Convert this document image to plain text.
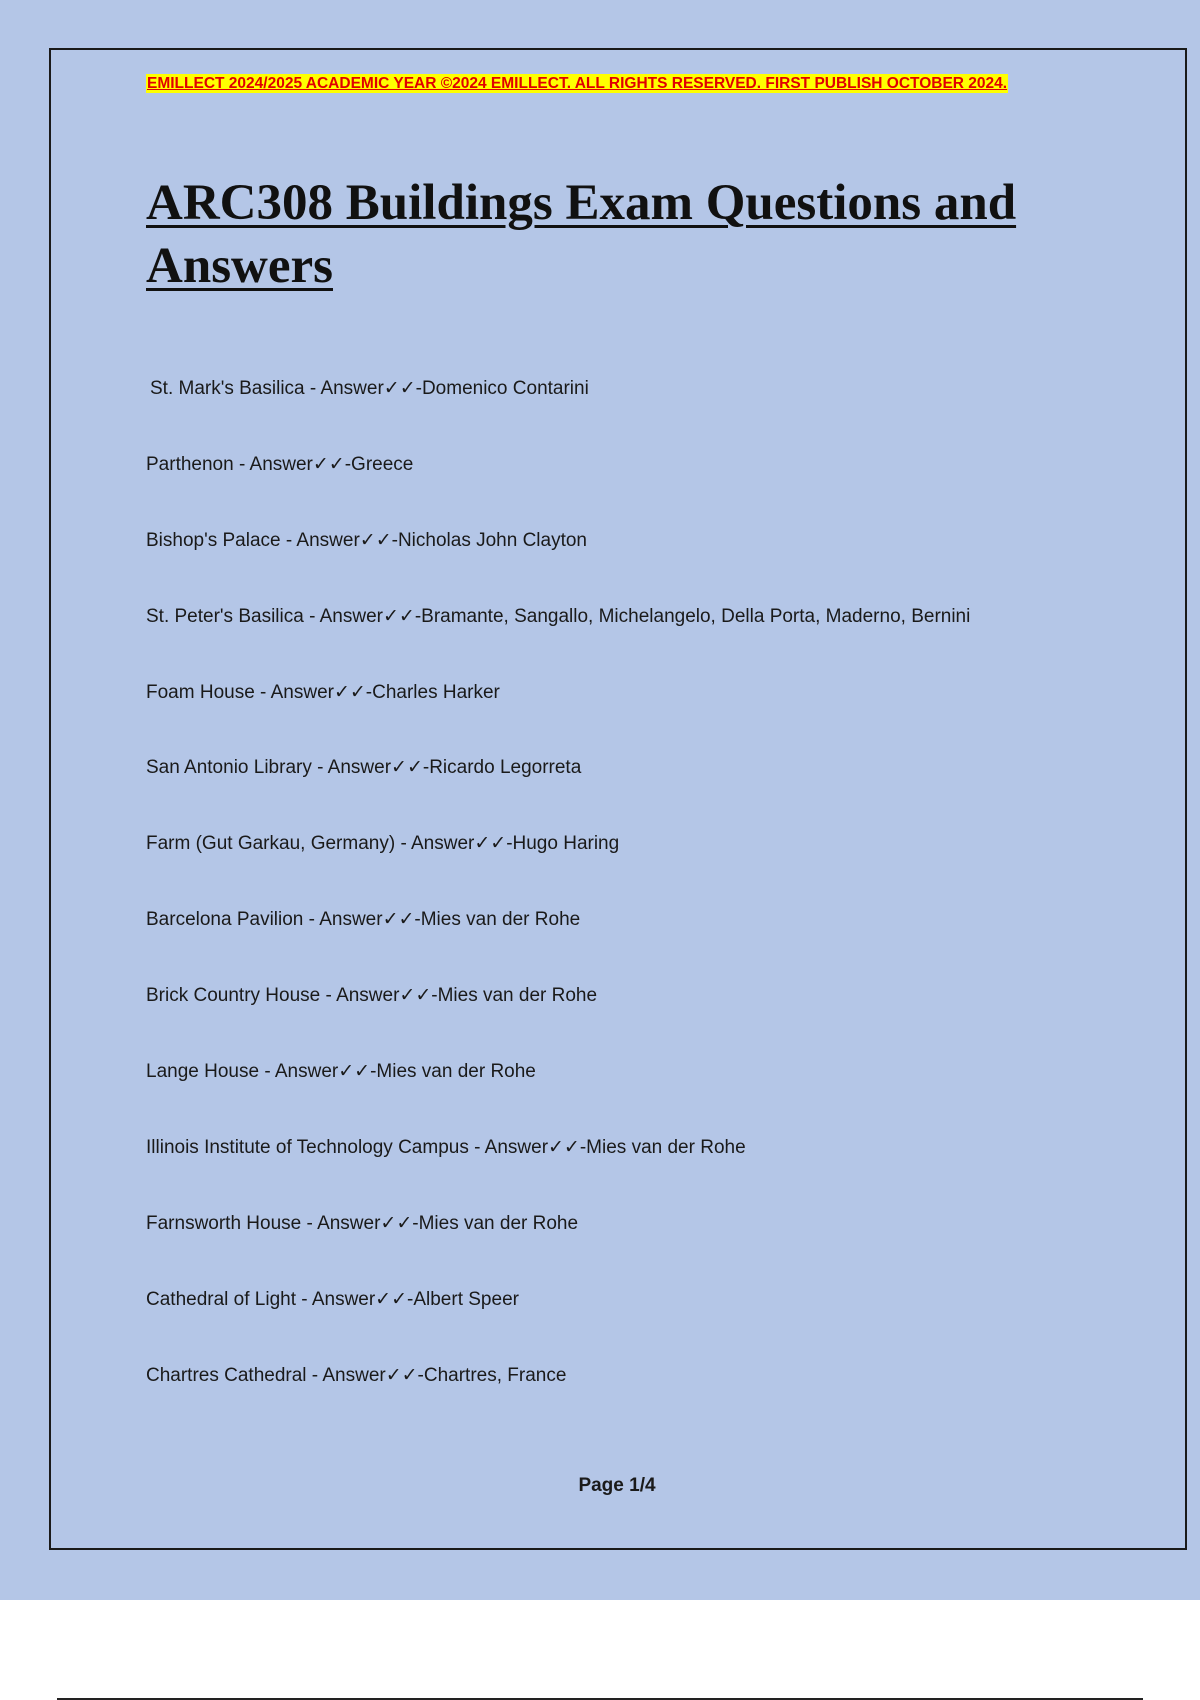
EMILLECT 2024/2025 ACADEMIC YEAR ©2024 EMILLECT. ALL RIGHTS RESERVED. FIRST PUBLISH OCTOBER 2024.
ARC308 Buildings Exam Questions and Answers
St. Mark's Basilica - Answer✓✓-Domenico Contarini
Parthenon - Answer✓✓-Greece
Bishop's Palace - Answer✓✓-Nicholas John Clayton
St. Peter's Basilica - Answer✓✓-Bramante, Sangallo, Michelangelo, Della Porta, Maderno, Bernini
Foam House - Answer✓✓-Charles Harker
San Antonio Library - Answer✓✓-Ricardo Legorreta
Farm (Gut Garkau, Germany) - Answer✓✓-Hugo Haring
Barcelona Pavilion - Answer✓✓-Mies van der Rohe
Brick Country House - Answer✓✓-Mies van der Rohe
Lange House - Answer✓✓-Mies van der Rohe
Illinois Institute of Technology Campus - Answer✓✓-Mies van der Rohe
Farnsworth House - Answer✓✓-Mies van der Rohe
Cathedral of Light - Answer✓✓-Albert Speer
Chartres Cathedral - Answer✓✓-Chartres, France
Page 1/4
